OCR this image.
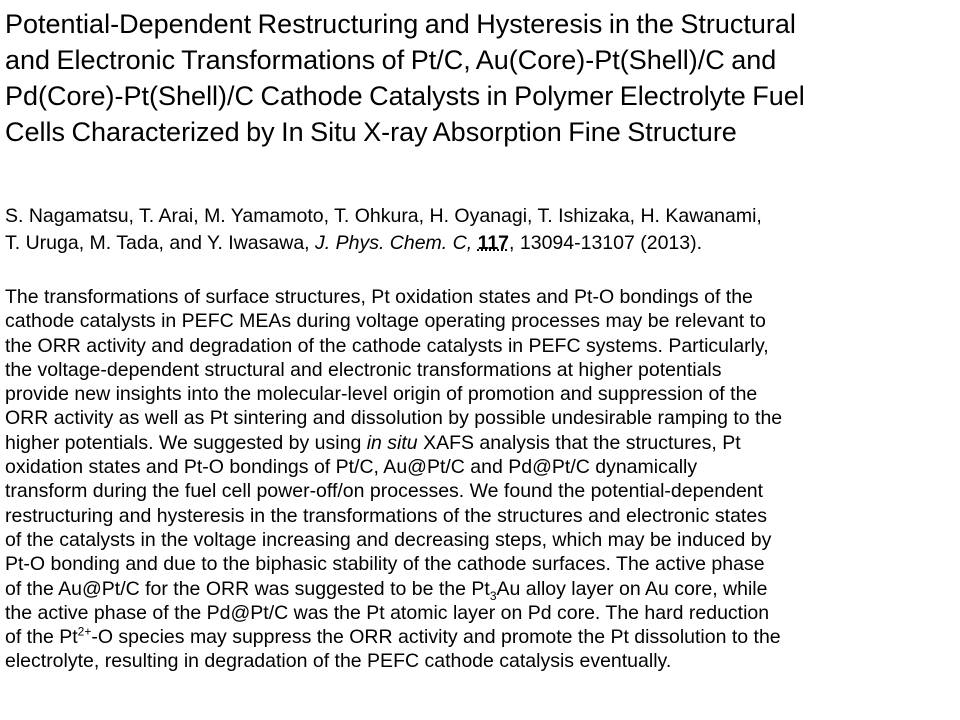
Potential-Dependent Restructuring and Hysteresis in the Structural
and Electronic Transformations of Pt/C, Au(Core)-Pt(Shell)/C and
Pd(Core)-Pt(Shell)/C Cathode Catalysts in Polymer Electrolyte Fuel
Cells Characterized by In Situ X-ray Absorption Fine Structure
S. Nagamatsu, T. Arai, M. Yamamoto, T. Ohkura, H. Oyanagi, T. Ishizaka, H. Kawanami,
T. Uruga, M. Tada, and Y. Iwasawa, J. Phys. Chem. C, 117, 13094-13107 (2013).
The transformations of surface structures, Pt oxidation states and Pt-O bondings of the
cathode catalysts in PEFC MEAs during voltage operating processes may be relevant to
the ORR activity and degradation of the cathode catalysts in PEFC systems. Particularly,
the voltage-dependent structural and electronic transformations at higher potentials
provide new insights into the molecular-level origin of promotion and suppression of the
ORR activity as well as Pt sintering and dissolution by possible undesirable ramping to the
higher potentials. We suggested by using in situ XAFS analysis that the structures, Pt
oxidation states and Pt-O bondings of Pt/C, Au@Pt/C and Pd@Pt/C dynamically
transform during the fuel cell power-off/on processes. We found the potential-dependent
restructuring and hysteresis in the transformations of the structures and electronic states
of the catalysts in the voltage increasing and decreasing steps, which may be induced by
Pt-O bonding and due to the biphasic stability of the cathode surfaces. The active phase
of the Au@Pt/C for the ORR was suggested to be the $Pt_3Au$ alloy layer on Au core, while
the active phase of the Pd@Pt/C was the Pt atomic layer on Pd core. The hard reduction
of the $Pt^{2+}-O$ species may suppress the ORR activity and promote the Pt dissolution to the
electrolyte, resulting in degradation of the PEFC cathode catalysis eventually.
